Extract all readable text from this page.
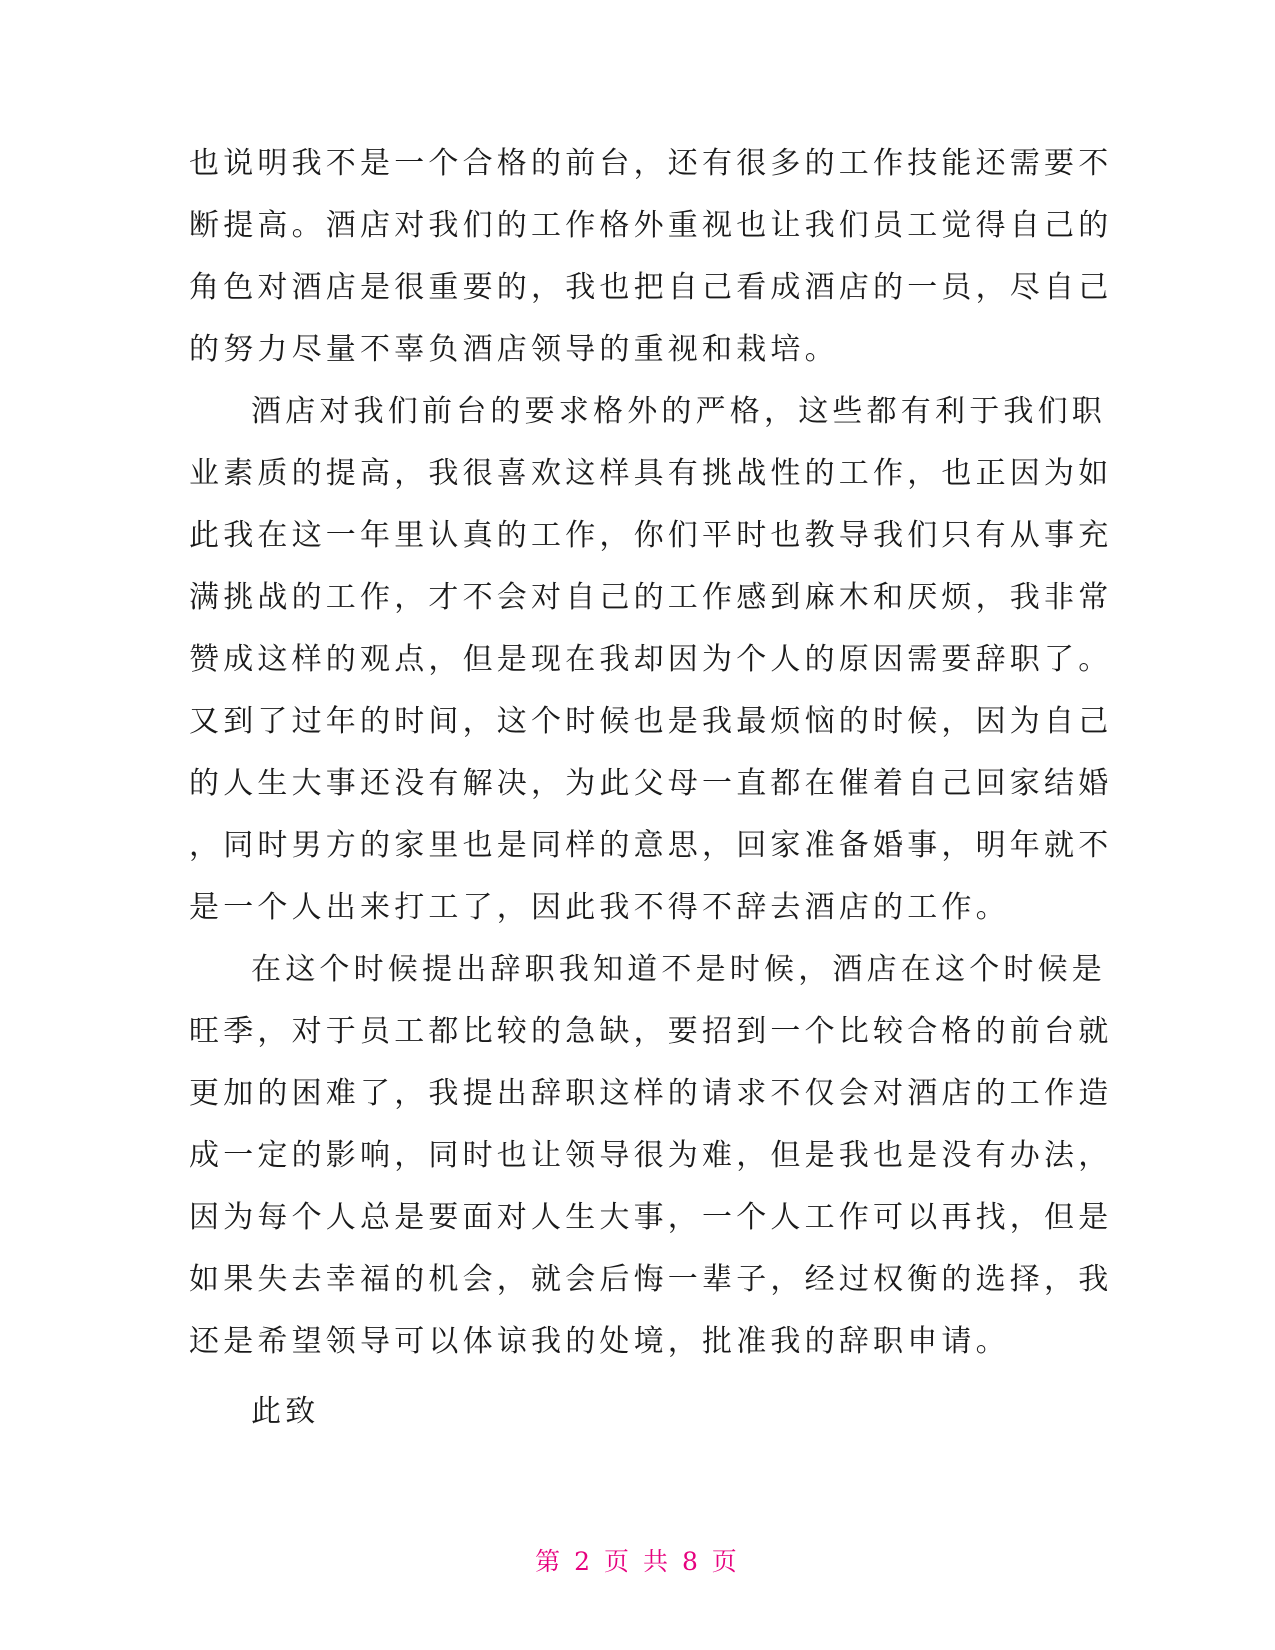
也说明我不是一个合格的前台，还有很多的工作技能还需要不
断提高。酒店对我们的工作格外重视也让我们员工觉得自己的
角色对酒店是很重要的，我也把自己看成酒店的一员，尽自己
的努力尽量不辜负酒店领导的重视和栽培。
酒店对我们前台的要求格外的严格，这些都有利于我们职
业素质的提高，我很喜欢这样具有挑战性的工作，也正因为如
此我在这一年里认真的工作，你们平时也教导我们只有从事充
满挑战的工作，才不会对自己的工作感到麻木和厌烦，我非常
赞成这样的观点，但是现在我却因为个人的原因需要辞职了。
又到了过年的时间，这个时候也是我最烦恼的时候，因为自己
的人生大事还没有解决，为此父母一直都在催着自己回家结婚
，同时男方的家里也是同样的意思，回家准备婚事，明年就不
是一个人出来打工了，因此我不得不辞去酒店的工作。
在这个时候提出辞职我知道不是时候，酒店在这个时候是
旺季，对于员工都比较的急缺，要招到一个比较合格的前台就
更加的困难了，我提出辞职这样的请求不仅会对酒店的工作造
成一定的影响，同时也让领导很为难，但是我也是没有办法，
因为每个人总是要面对人生大事，一个人工作可以再找，但是
如果失去幸福的机会，就会后悔一辈子，经过权衡的选择，我
还是希望领导可以体谅我的处境，批准我的辞职申请。
此致
第 2 页 共 8 页
